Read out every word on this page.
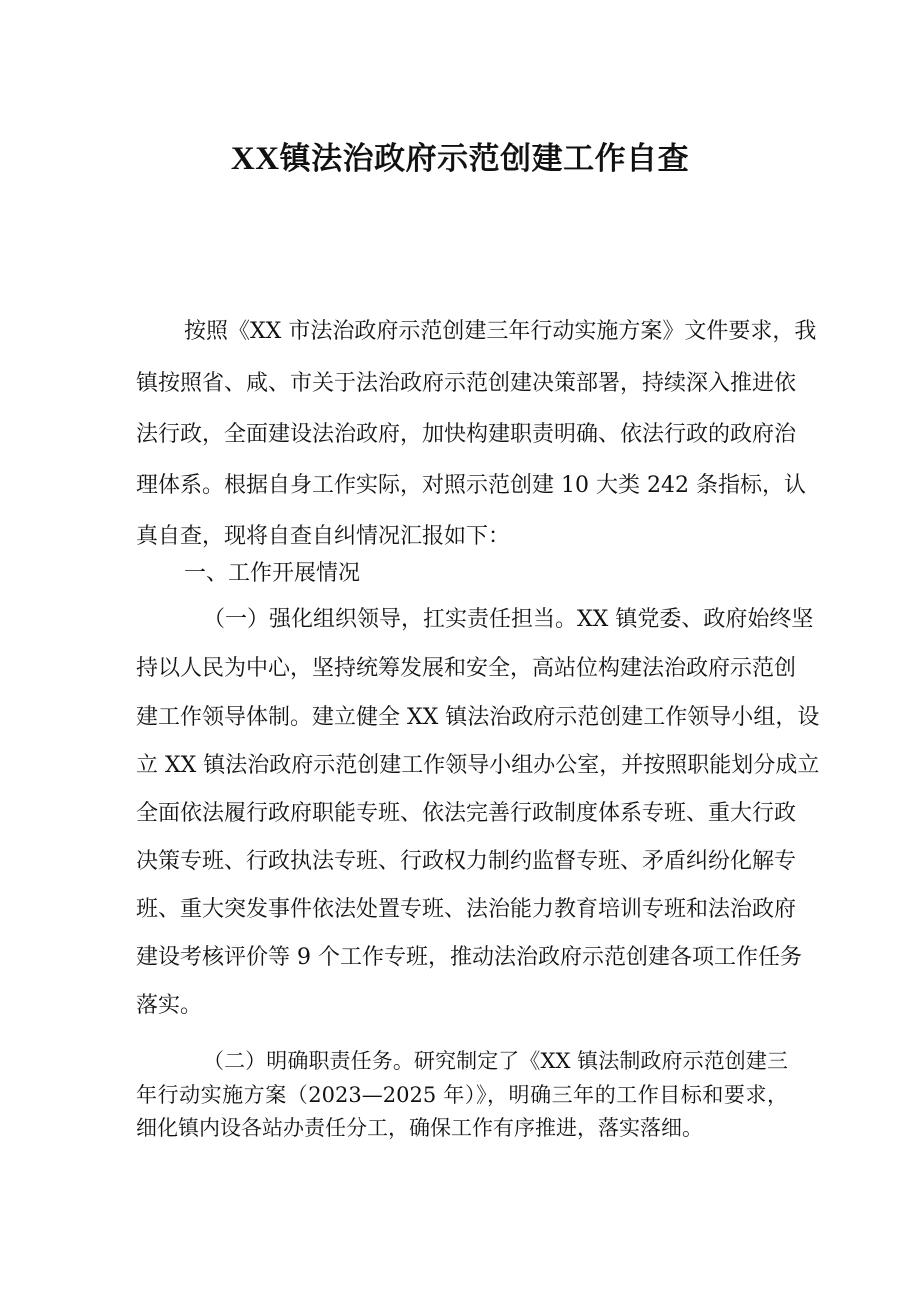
XX镇法治政府示范创建工作自查

按照《XX 市法治政府示范创建三年行动实施方案》文件要求，我

镇按照省、咸、市关于法治政府示范创建决策部署，持续深入推进依

法行政，全面建设法治政府，加快构建职责明确、依法行政的政府治

理体系。根据自身工作实际，对照示范创建 10 大类 242 条指标，认

真自查，现将自查自纠情况汇报如下：

一、工作开展情况

（一）强化组织领导，扛实责任担当。XX 镇党委、政府始终坚

持以人民为中心，坚持统筹发展和安全，高站位构建法治政府示范创

建工作领导体制。建立健全 XX 镇法治政府示范创建工作领导小组，设

立 XX 镇法治政府示范创建工作领导小组办公室，并按照职能划分成立

全面依法履行政府职能专班、依法完善行政制度体系专班、重大行政

决策专班、行政执法专班、行政权力制约监督专班、矛盾纠纷化解专

班、重大突发事件依法处置专班、法治能力教育培训专班和法治政府

建设考核评价等 9 个工作专班，推动法治政府示范创建各项工作任务

落实。

（二）明确职责任务。研究制定了《XX 镇法制政府示范创建三

年行动实施方案（2023—2025 年）》，明确三年的工作目标和要求，

细化镇内设各站办责任分工，确保工作有序推进，落实落细。
